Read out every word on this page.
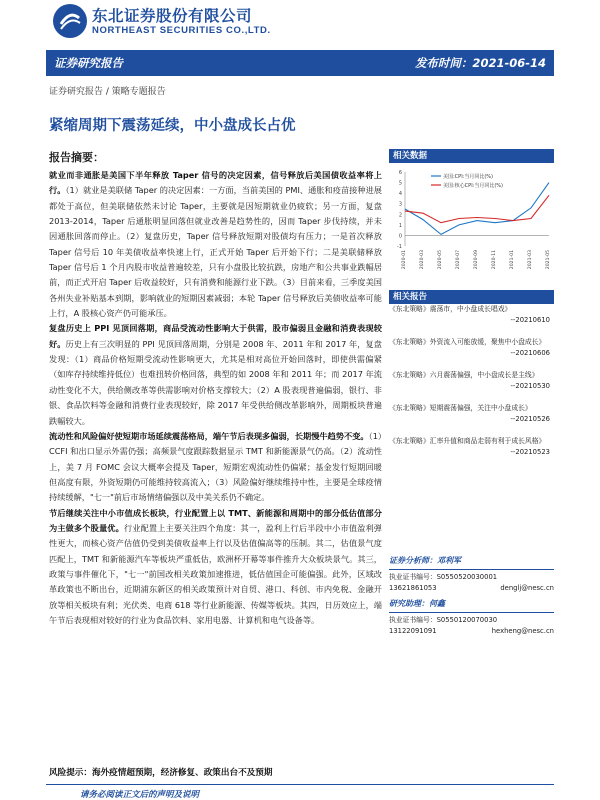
东北证券股份有限公司
NORTHEAST SECURITIES CO.,LTD.
证券研究报告	发布时间：2021-06-14
证券研究报告 / 策略专题报告
紧缩周期下震荡延续，中小盘成长占优
报告摘要：

就业而非通胀是美国下半年释放 Taper 信号的决定因素，信号释放后美国债收益率将上行。（1）就业是美联储 Taper 的决定因素：一方面，当前美国的 PMI、通胀和疫苗接种进展都处于高位，但美联储依然未讨论 Taper，主要就是因短期就业仍疲软；另一方面，复盘 2013-2014，Taper 后通胀明显回落但就业改善是趋势性的，因而 Taper 步伐持续，并未因通胀回落而停止。（2）复盘历史，Taper 信号释放短期对股债均有压力；一是首次释放 Taper 信号后 10 年美债收益率快速上行，正式开始 Taper 后开始下行；二是美联储释放 Taper 信号后 1 个月内股市收益普遍较差，只有小盘股比较抗跌，房地产和公共事业跌幅居前，而正式开启 Taper 后收益较好，只有消费和能源行业下跌。（3）目前来看，三季度美国各州失业补贴基本到期，影响就业的短期因素减弱；本轮 Taper 信号释放后美债收益率可能上行，A 股核心资产仍可能承压。

复盘历史上 PPI 见顶回落期，商品受流动性影响大于供需，股市偏弱且金融和消费表现较好。历史上有三次明显的 PPI 见顶回落周期，分别是 2008 年、2011 年和 2017 年，复盘发现：（1）商品价格短期受流动性影响更大，尤其是相对高位开始回落时，即使供需偏紧（如库存持续维持低位）也难扭转价格回落，典型的如 2008 年和 2011 年；而 2017 年流动性变化不大，供给侧改革等供需影响对价格支撑较大；（2）A 股表现普遍偏弱，银行、非银、食品饮料等金融和消费行业表现较好，除 2017 年受供给侧改革影响外，周期板块普遍跌幅较大。

流动性和风险偏好使短期市场延续震荡格局，端午节后表现多偏弱，长期慢牛趋势不变。（1）CCFI 和出口显示外需仍强；高频景气度跟踪数据显示 TMT 和新能源景气仍高。（2）流动性上，美 7 月 FOMC 会议大概率会提及 Taper，短期宏观流动性仍偏紧；基金发行短期回暖但高度有限，外资短期仍可能维持较高流入；（3）风险偏好继续维持中性，主要是全球疫情持续缓解，"七一"前后市场情绪偏强以及中美关系仍不确定。

节后继续关注中小市值成长板块，行业配置上以 TMT、新能源和周期中的部分低估值部分为主做多个股量优。行业配置上主要关注四个角度：其一，盈利上行后半段中小市值盈利弹性更大，而核心资产估值仍受到美债收益率上行以及估值偏高等的压制。其二，估值景气度匹配上，TMT 和新能源汽车等板块严重低估，欧洲杯开幕等事件推升大众板块景气。其三，政策与事件催化下，"七一"前国改相关政策加速推进，低估值国企可能偏强。此外，区域改革政策也不断出台，近期浦东新区的相关政策预计对自贸、港口、科创、市内免税、金融开放等相关板块有利；光伏类、电商 618 等行业新能源、传媒等板块。其四，日历效应上，端午节后表现相对较好的行业为食品饮料、家用电器、计算机和电气设备等。

风险提示：海外疫情超预期，经济修复、政策出台不及预期
请务必阅读正文后的声明及说明
相关数据
-1
0
1
2
3
4
5
6
2020-01	2020-03	2020-05	2020-07	2020-09	2020-11	2021-01	2021-03	2021-05
美国:CPI:当月同比(%)
美国:核心CPI:当月同比(%)
相关报告
《东北策略》震荡市，中小盘成长唱戏》
--20210610
《东北策略》外资流入可能放缓，聚焦中小盘成长》
--20210606
《东北策略》六月震荡偏强，中小盘成长是主线》
--20210530
《东北策略》短期震荡偏强，关注中小盘成长》
--20210526
《东北策略》汇率升值和商品走弱有利于成长风格》
--20210523
证券分析师：邓利军
执业证书编号：S0550520030001
13621861053	denglj@nesc.cn
研究助理：何鑫
执业证书编号：S0550120070030
13122091091	hexheng@nesc.cn
